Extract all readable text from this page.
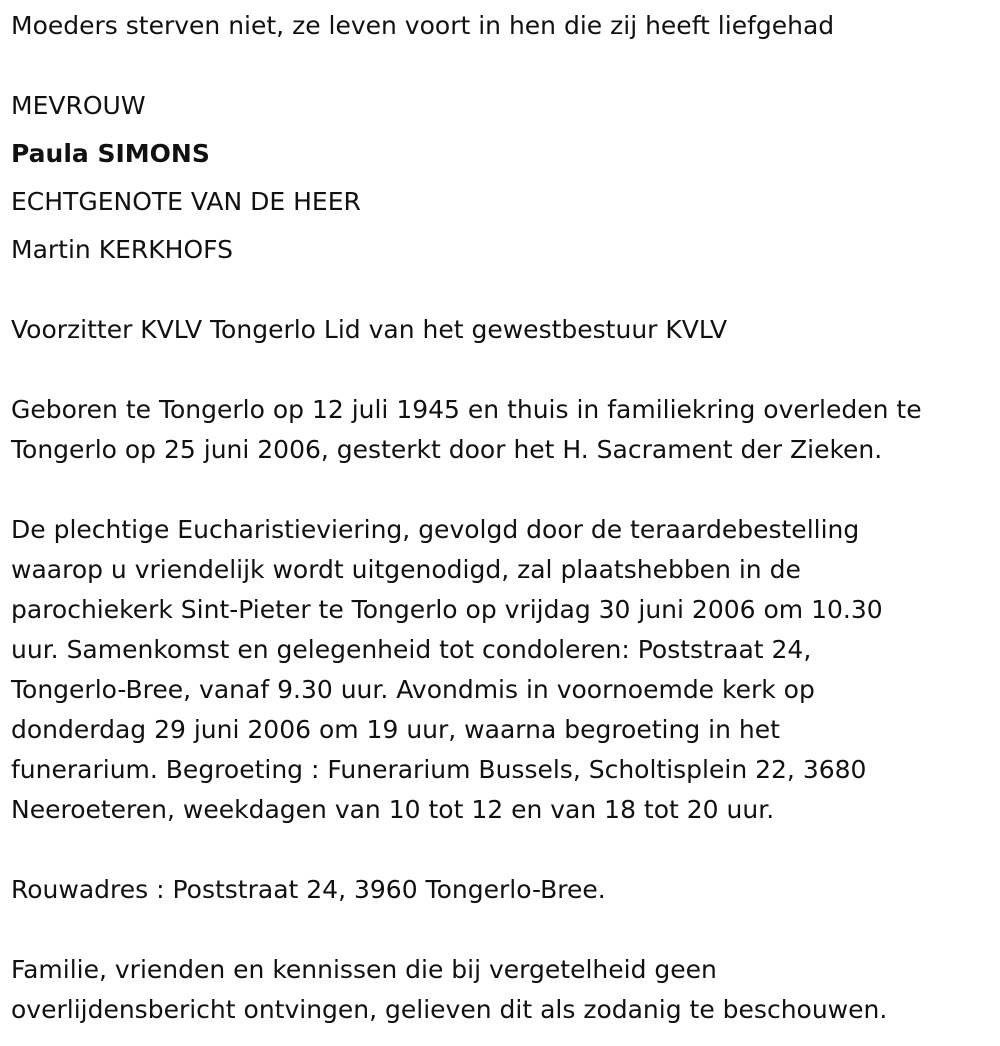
Moeders sterven niet, ze leven voort in hen die zij heeft liefgehad
MEVROUW
Paula SIMONS
ECHTGENOTE VAN DE HEER
Martin KERKHOFS
Voorzitter KVLV Tongerlo Lid van het gewestbestuur KVLV
Geboren te Tongerlo op 12 juli 1945 en thuis in familiekring overleden te
Tongerlo op 25 juni 2006, gesterkt door het H. Sacrament der Zieken.
De plechtige Eucharistieviering, gevolgd door de teraardebestelling
waarop u vriendelijk wordt uitgenodigd, zal plaatshebben in de
parochiekerk Sint-Pieter te Tongerlo op vrijdag 30 juni 2006 om 10.30
uur. Samenkomst en gelegenheid tot condoleren: Poststraat 24,
Tongerlo-Bree, vanaf 9.30 uur. Avondmis in voornoemde kerk op
donderdag 29 juni 2006 om 19 uur, waarna begroeting in het
funerarium. Begroeting : Funerarium Bussels, Scholtisplein 22, 3680
Neeroeteren, weekdagen van 10 tot 12 en van 18 tot 20 uur.
Rouwadres : Poststraat 24, 3960 Tongerlo-Bree.
Familie, vrienden en kennissen die bij vergetelheid geen
overlijdensbericht ontvingen, gelieven dit als zodanig te beschouwen.
